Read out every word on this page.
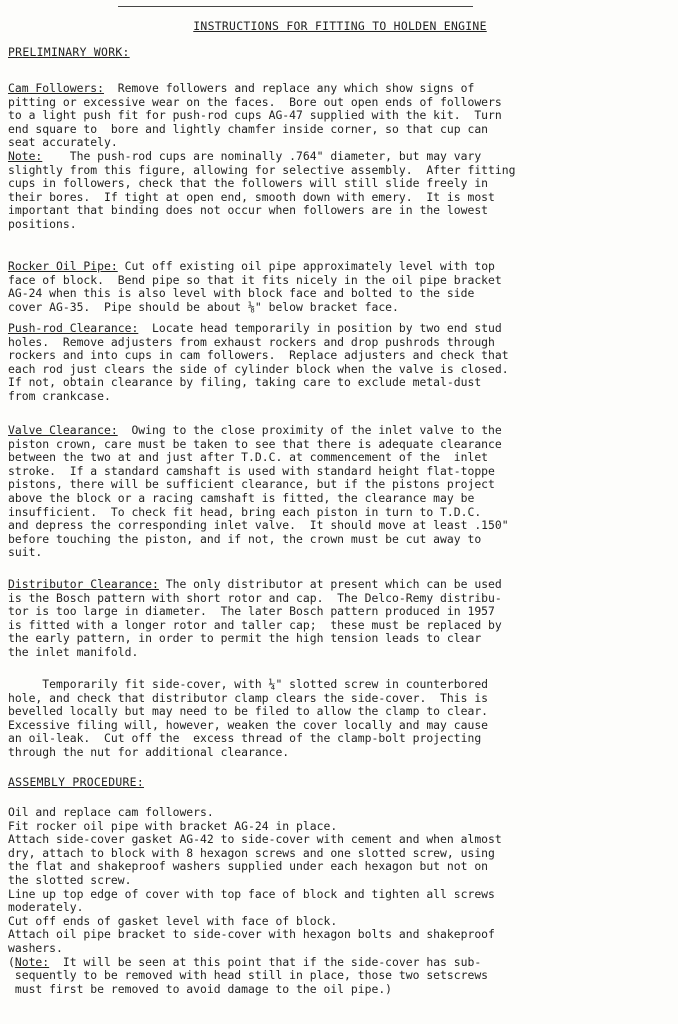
INSTRUCTIONS FOR FITTING TO HOLDEN ENGINE
PRELIMINARY WORK:
Cam Followers: Remove followers and replace any which show signs of
pitting or excessive wear on the faces.  Bore out open ends of followers
to a light push fit for push-rod cups AG-47 supplied with the kit.  Turn
end square to  bore and lightly chamfer inside corner, so that cup can
seat accurately.
Note:    The push-rod cups are nominally .764" diameter, but may vary
slightly from this figure, allowing for selective assembly.  After fitting
cups in followers, check that the followers will still slide freely in
their bores.  If tight at open end, smooth down with emery.  It is most
important that binding does not occur when followers are in the lowest
positions.
Rocker Oil Pipe: Cut off existing oil pipe approximately level with top
face of block.  Bend pipe so that it fits nicely in the oil pipe bracket
AG-24 when this is also level with block face and bolted to the side
cover AG-35.  Pipe should be about ⅛" below bracket face.
Push-rod Clearance:  Locate head temporarily in position by two end stud
holes.  Remove adjusters from exhaust rockers and drop pushrods through
rockers and into cups in cam followers.  Replace adjusters and check that
each rod just clears the side of cylinder block when the valve is closed.
If not, obtain clearance by filing, taking care to exclude metal-dust
from crankcase.
Valve Clearance:  Owing to the close proximity of the inlet valve to the
piston crown, care must be taken to see that there is adequate clearance
between the two at and just after T.D.C. at commencement of the  inlet
stroke.  If a standard camshaft is used with standard height flat-toppe
pistons, there will be sufficient clearance, but if the pistons project
above the block or a racing camshaft is fitted, the clearance may be
insufficient.  To check fit head, bring each piston in turn to T.D.C.
and depress the corresponding inlet valve.  It should move at least .150"
before touching the piston, and if not, the crown must be cut away to
suit.
Distributor Clearance: The only distributor at present which can be used
is the Bosch pattern with short rotor and cap.  The Delco-Remy distribu-
tor is too large in diameter.  The later Bosch pattern produced in 1957
is fitted with a longer rotor and taller cap;  these must be replaced by
the early pattern, in order to permit the high tension leads to clear
the inlet manifold.
Temporarily fit side-cover, with ¼" slotted screw in counterbored
hole, and check that distributor clamp clears the side-cover.  This is
bevelled locally but may need to be filed to allow the clamp to clear.
Excessive filing will, however, weaken the cover locally and may cause
an oil-leak.  Cut off the  excess thread of the clamp-bolt projecting
through the nut for additional clearance.
ASSEMBLY PROCEDURE:
Oil and replace cam followers.
Fit rocker oil pipe with bracket AG-24 in place.
Attach side-cover gasket AG-42 to side-cover with cement and when almost
dry, attach to block with 8 hexagon screws and one slotted screw, using
the flat and shakeproof washers supplied under each hexagon but not on
the slotted screw.
Line up top edge of cover with top face of block and tighten all screws
moderately.
Cut off ends of gasket level with face of block.
Attach oil pipe bracket to side-cover with hexagon bolts and shakeproof
washers.
(Note:  It will be seen at this point that if the side-cover has sub-
sequently to be removed with head still in place, those two setscrews
must first be removed to avoid damage to the oil pipe.)
